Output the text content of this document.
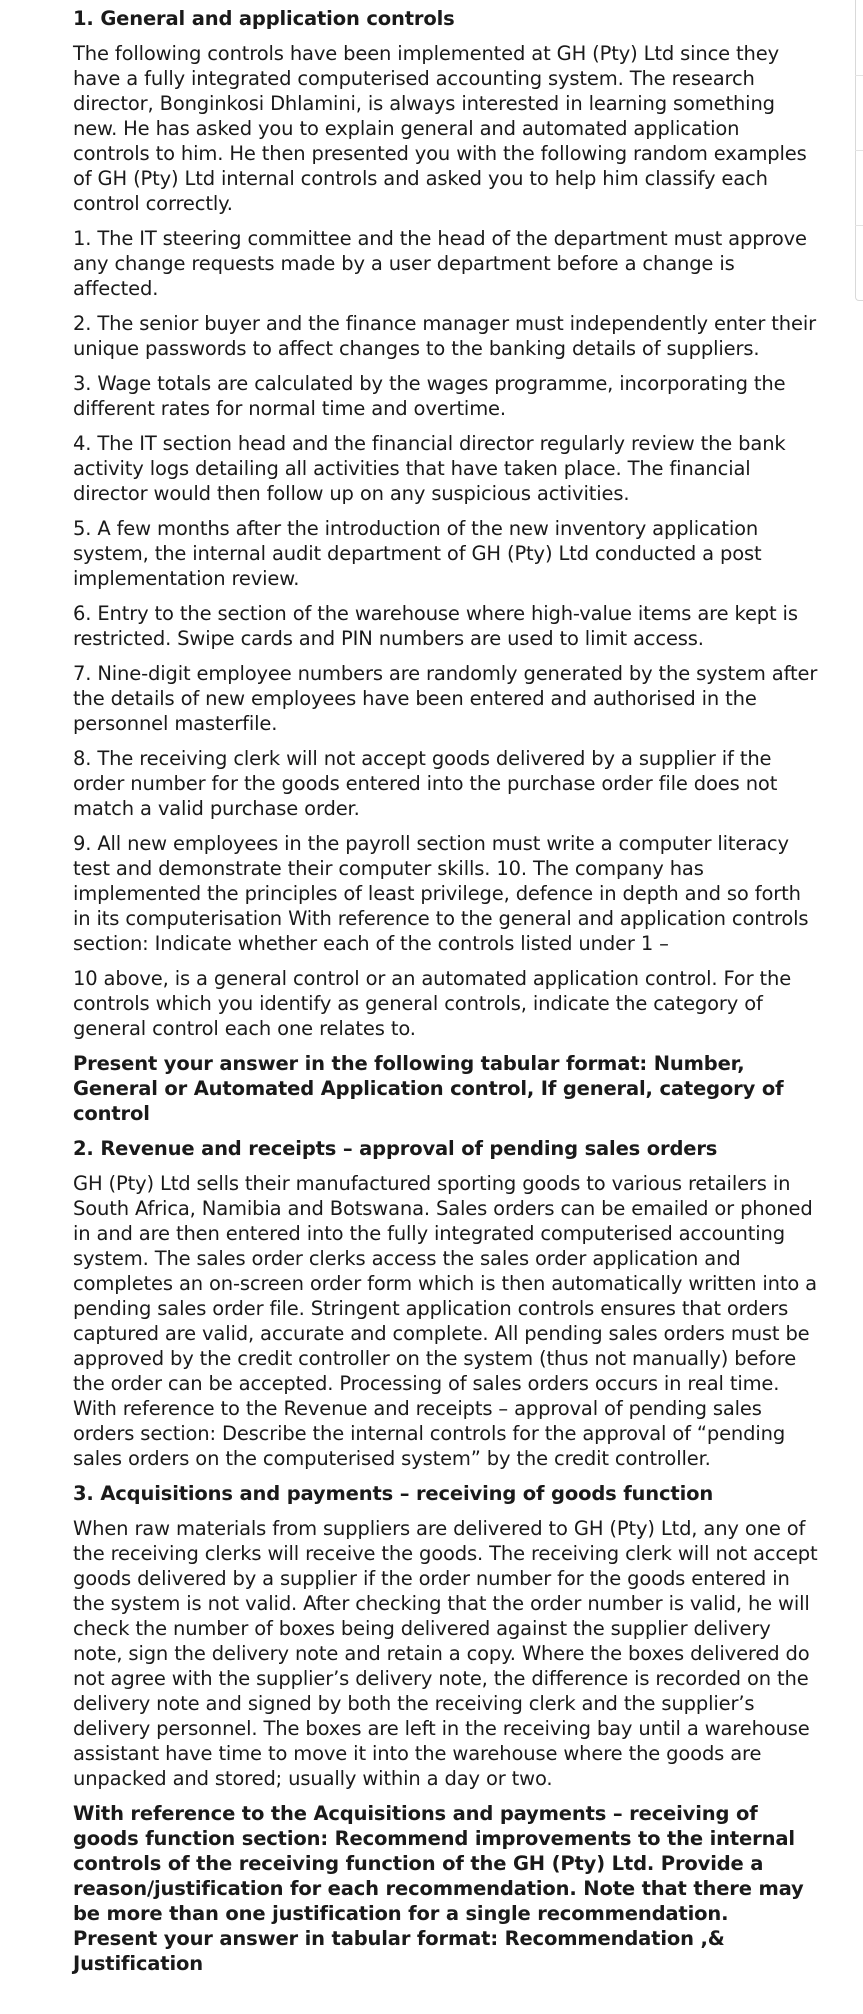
1. General and application controls

The following controls have been implemented at GH (Pty) Ltd since they have a fully integrated computerised accounting system. The research director, Bonginkosi Dhlamini, is always interested in learning something new. He has asked you to explain general and automated application controls to him. He then presented you with the following random examples of GH (Pty) Ltd internal controls and asked you to help him classify each control correctly.

1. The IT steering committee and the head of the department must approve any change requests made by a user department before a change is affected.

2. The senior buyer and the finance manager must independently enter their unique passwords to affect changes to the banking details of suppliers.

3. Wage totals are calculated by the wages programme, incorporating the different rates for normal time and overtime.

4. The IT section head and the financial director regularly review the bank activity logs detailing all activities that have taken place. The financial director would then follow up on any suspicious activities.

5. A few months after the introduction of the new inventory application system, the internal audit department of GH (Pty) Ltd conducted a post implementation review.

6. Entry to the section of the warehouse where high-value items are kept is restricted. Swipe cards and PIN numbers are used to limit access.

7. Nine-digit employee numbers are randomly generated by the system after the details of new employees have been entered and authorised in the personnel masterfile.

8. The receiving clerk will not accept goods delivered by a supplier if the order number for the goods entered into the purchase order file does not match a valid purchase order.

9. All new employees in the payroll section must write a computer literacy test and demonstrate their computer skills. 10. The company has implemented the principles of least privilege, defence in depth and so forth in its computerisation With reference to the general and application controls section: Indicate whether each of the controls listed under 1 –

10 above, is a general control or an automated application control. For the controls which you identify as general controls, indicate the category of general control each one relates to.

Present your answer in the following tabular format: Number, General or Automated Application control, If general, category of control

2. Revenue and receipts – approval of pending sales orders

GH (Pty) Ltd sells their manufactured sporting goods to various retailers in South Africa, Namibia and Botswana. Sales orders can be emailed or phoned in and are then entered into the fully integrated computerised accounting system. The sales order clerks access the sales order application and completes an on-screen order form which is then automatically written into a pending sales order file. Stringent application controls ensures that orders captured are valid, accurate and complete. All pending sales orders must be approved by the credit controller on the system (thus not manually) before the order can be accepted. Processing of sales orders occurs in real time. With reference to the Revenue and receipts – approval of pending sales orders section: Describe the internal controls for the approval of “pending sales orders on the computerised system” by the credit controller.

3. Acquisitions and payments – receiving of goods function

When raw materials from suppliers are delivered to GH (Pty) Ltd, any one of the receiving clerks will receive the goods. The receiving clerk will not accept goods delivered by a supplier if the order number for the goods entered in the system is not valid. After checking that the order number is valid, he will check the number of boxes being delivered against the supplier delivery note, sign the delivery note and retain a copy. Where the boxes delivered do not agree with the supplier’s delivery note, the difference is recorded on the delivery note and signed by both the receiving clerk and the supplier’s delivery personnel. The boxes are left in the receiving bay until a warehouse assistant have time to move it into the warehouse where the goods are unpacked and stored; usually within a day or two.

With reference to the Acquisitions and payments – receiving of goods function section: Recommend improvements to the internal controls of the receiving function of the GH (Pty) Ltd. Provide a reason/justification for each recommendation. Note that there may be more than one justification for a single recommendation. Present your answer in tabular format: Recommendation ,& Justification
